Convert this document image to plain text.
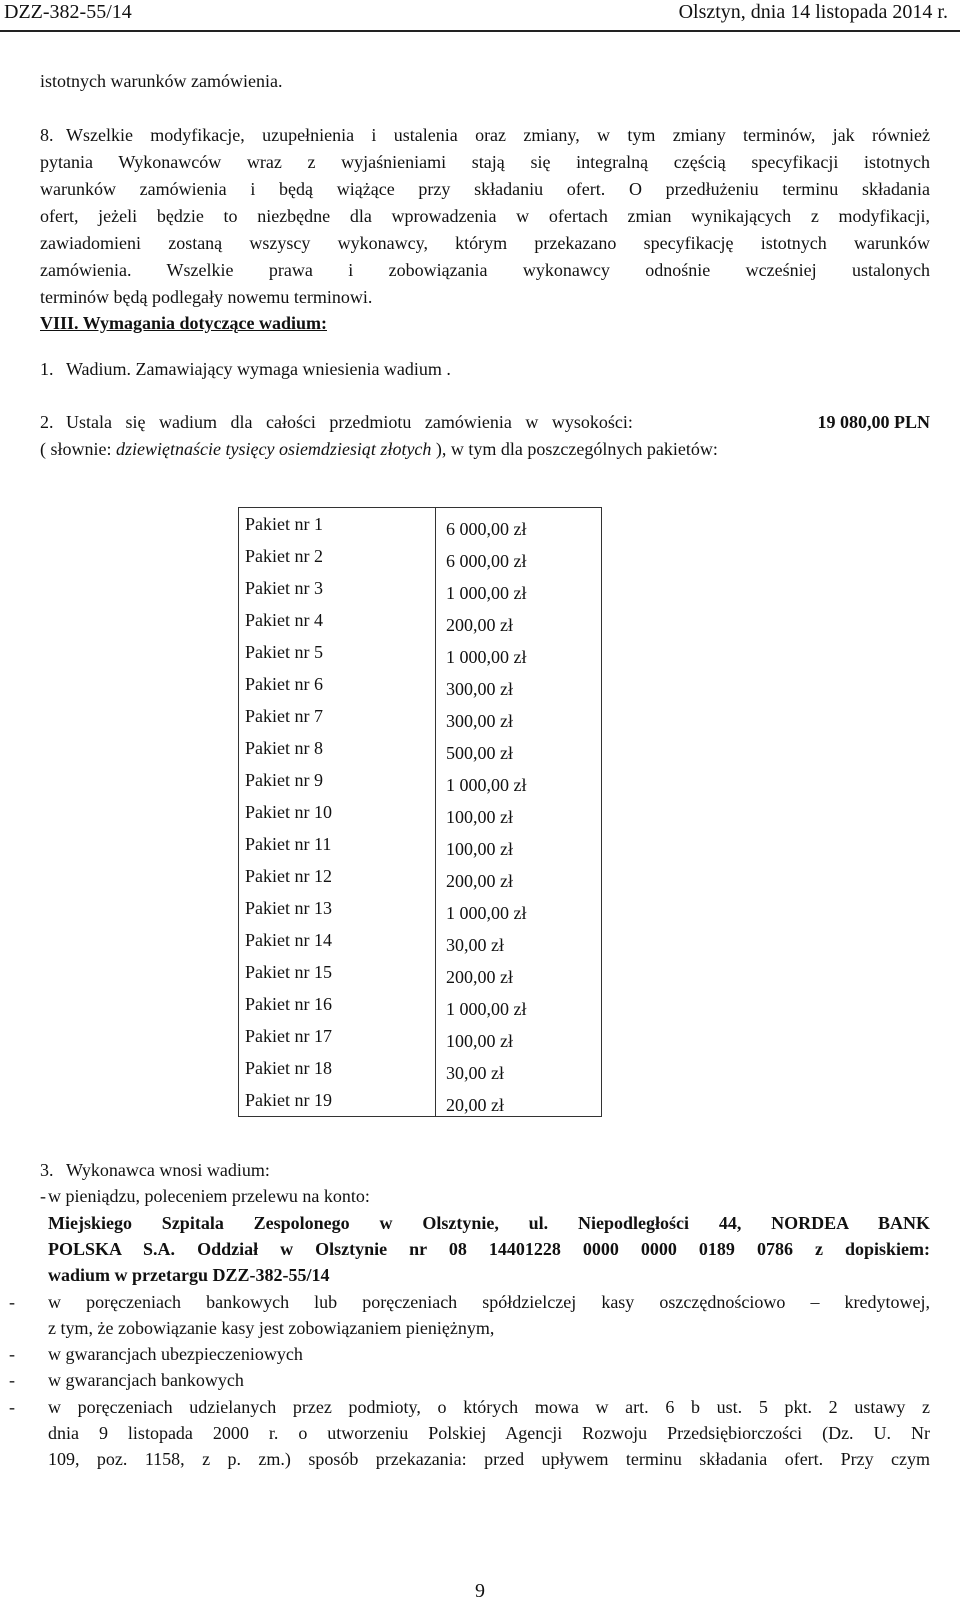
DZZ-382-55/14	Olsztyn, dnia 14 listopada 2014 r.
istotnych warunków zamówienia.
8. Wszelkie modyfikacje, uzupełnienia i ustalenia oraz zmiany, w tym zmiany terminów, jak również
pytania Wykonawców wraz z wyjaśnieniami stają się integralną częścią specyfikacji istotnych
warunków zamówienia i będą wiążące przy składaniu ofert. O przedłużeniu terminu składania
ofert, jeżeli będzie to niezbędne dla wprowadzenia w ofertach zmian wynikających z modyfikacji,
zawiadomieni zostaną wszyscy wykonawcy, którym przekazano specyfikację istotnych warunków
zamówienia. Wszelkie prawa i zobowiązania wykonawcy odnośnie wcześniej ustalonych
terminów będą podlegały nowemu terminowi.
VIII. Wymagania dotyczące wadium:
1. Wadium. Zamawiający wymaga wniesienia wadium .
2. Ustala się wadium dla całości przedmiotu zamówienia w wysokości:	19 080,00 PLN
( słownie: dziewiętnaście tysięcy osiemdziesiąt złotych ), w tym dla poszczególnych pakietów:
Pakiet nr 1	6 000,00 zł
Pakiet nr 2	6 000,00 zł
Pakiet nr 3	1 000,00 zł
Pakiet nr 4	200,00 zł
Pakiet nr 5	1 000,00 zł
Pakiet nr 6	300,00 zł
Pakiet nr 7	300,00 zł
Pakiet nr 8	500,00 zł
Pakiet nr 9	1 000,00 zł
Pakiet nr 10	100,00 zł
Pakiet nr 11	100,00 zł
Pakiet nr 12	200,00 zł
Pakiet nr 13	1 000,00 zł
Pakiet nr 14	30,00 zł
Pakiet nr 15	200,00 zł
Pakiet nr 16	1 000,00 zł
Pakiet nr 17	100,00 zł
Pakiet nr 18	30,00 zł
Pakiet nr 19	20,00 zł
3. Wykonawca wnosi wadium:
- w pieniądzu, poleceniem przelewu na konto:
Miejskiego Szpitala Zespolonego w Olsztynie, ul. Niepodległości 44, NORDEA BANK
POLSKA S.A. Oddział w Olsztynie nr 08 14401228 0000 0000 0189 0786 z dopiskiem:
wadium w przetargu DZZ-382-55/14
- w poręczeniach bankowych lub poręczeniach spółdzielczej kasy oszczędnościowo – kredytowej,
z tym, że zobowiązanie kasy jest zobowiązaniem pieniężnym,
- w gwarancjach ubezpieczeniowych
- w gwarancjach bankowych
- w poręczeniach udzielanych przez podmioty, o których mowa w art. 6 b ust. 5 pkt. 2 ustawy z
dnia 9 listopada 2000 r. o utworzeniu Polskiej Agencji Rozwoju Przedsiębiorczości (Dz. U. Nr
109, poz. 1158, z p. zm.) sposób przekazania: przed upływem terminu składania ofert. Przy czym
9
